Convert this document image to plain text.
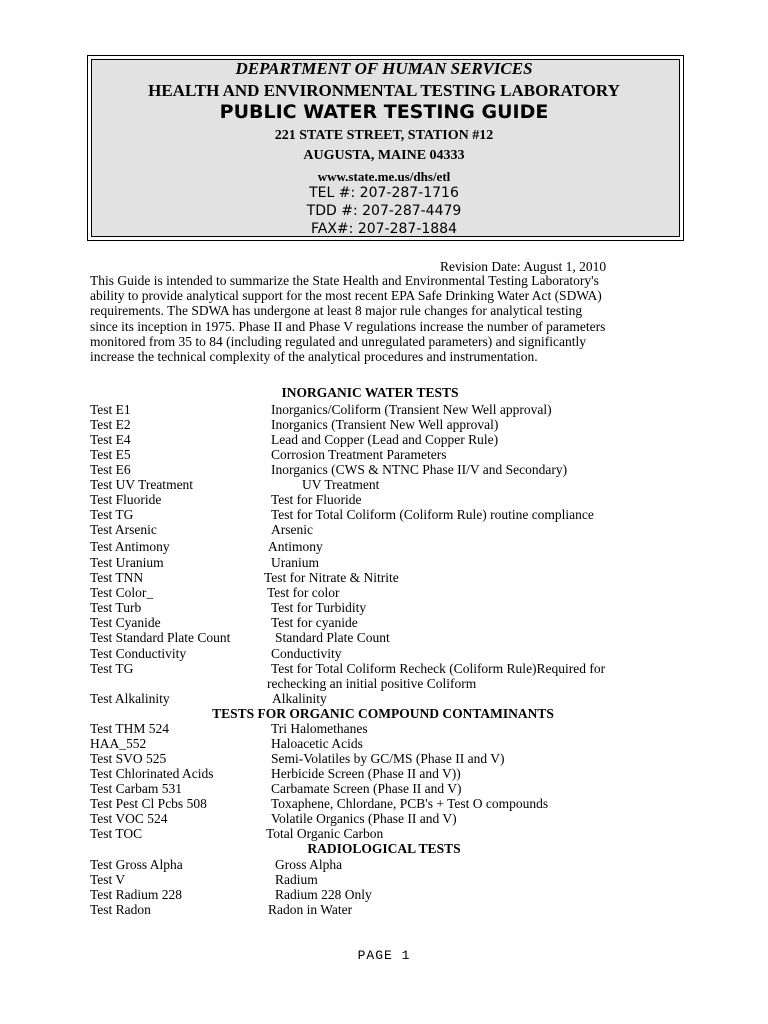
DEPARTMENT OF HUMAN SERVICES
HEALTH AND ENVIRONMENTAL TESTING LABORATORY
PUBLIC WATER TESTING GUIDE
221 STATE STREET, STATION #12
AUGUSTA, MAINE 04333
www.state.me.us/dhs/etl
TEL #: 207-287-1716
TDD #: 207-287-4479
FAX#: 207-287-1884
Revision Date: August 1, 2010
This Guide is intended to summarize the State Health and Environmental Testing Laboratory's
ability to provide analytical support for the most recent EPA Safe Drinking Water Act (SDWA)
requirements. The SDWA has undergone at least 8 major rule changes for analytical testing
since its inception in 1975. Phase II and Phase V regulations increase the number of parameters
monitored from 35 to 84 (including regulated and unregulated parameters) and significantly
increase the technical complexity of the analytical procedures and instrumentation.
INORGANIC WATER TESTS
Test E1	Inorganics/Coliform (Transient New Well approval)
Test E2	Inorganics (Transient New Well approval)
Test E4	Lead and Copper (Lead and Copper Rule)
Test E5	Corrosion Treatment Parameters
Test E6	Inorganics (CWS & NTNC Phase II/V and Secondary)
Test UV Treatment	UV Treatment
Test Fluoride	Test for Fluoride
Test TG	Test for Total Coliform (Coliform Rule) routine compliance
Test Arsenic	Arsenic
Test Antimony	Antimony
Test Uranium	Uranium
Test TNN	Test for Nitrate & Nitrite
Test Color_	Test for color
Test Turb	Test for Turbidity
Test Cyanide	Test for cyanide
Test Standard Plate Count	Standard Plate Count
Test Conductivity	Conductivity
Test TG	Test for Total Coliform Recheck (Coliform Rule)Required for
rechecking an initial positive Coliform
Test Alkalinity	Alkalinity
TESTS FOR ORGANIC COMPOUND CONTAMINANTS
Test THM 524	Tri Halomethanes
HAA_552	Haloacetic Acids
Test SVO 525	Semi-Volatiles by GC/MS (Phase II and V)
Test Chlorinated Acids	Herbicide Screen (Phase II and V))
Test Carbam 531	Carbamate Screen (Phase II and V)
Test Pest Cl Pcbs 508	Toxaphene, Chlordane, PCB's + Test O compounds
Test VOC 524	Volatile Organics (Phase II and V)
Test TOC	Total Organic Carbon
RADIOLOGICAL TESTS
Test Gross Alpha	Gross Alpha
Test V	Radium
Test Radium 228	Radium 228 Only
Test Radon	Radon in Water
PAGE 1
